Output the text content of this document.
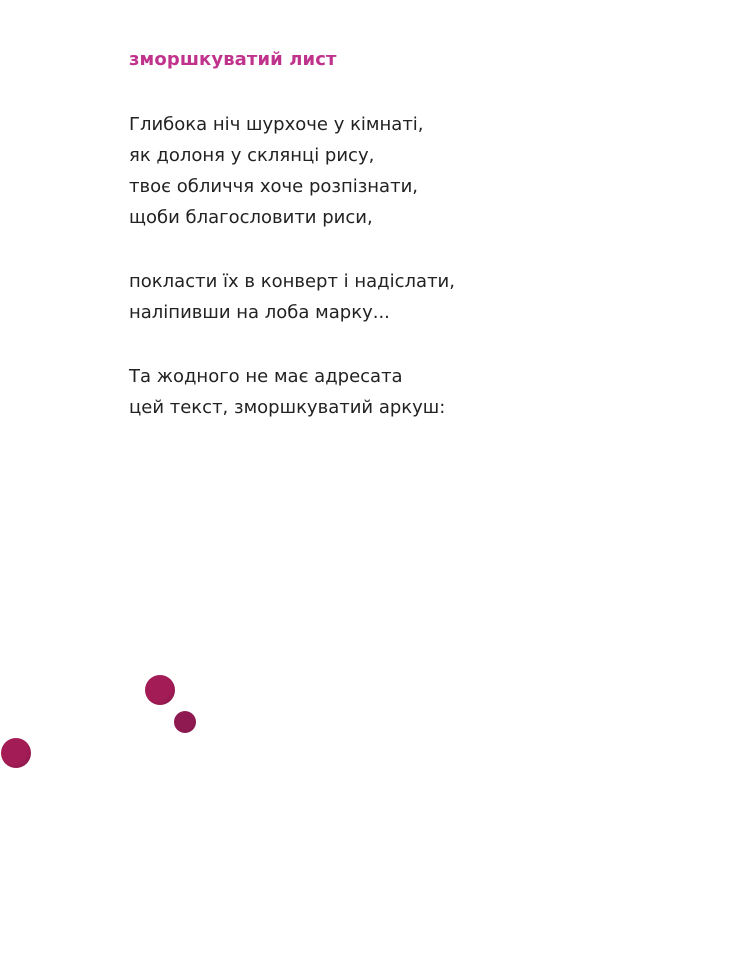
зморшкуватий лист
Глибока ніч шурхоче у кімнаті,
як долоня у склянці рису,
твоє обличчя хоче розпізнати,
щоби благословити риси,
покласти їх в конверт і надіслати,
наліпивши на лоба марку...
Та жодного не має адресата
цей текст, зморшкуватий аркуш:
